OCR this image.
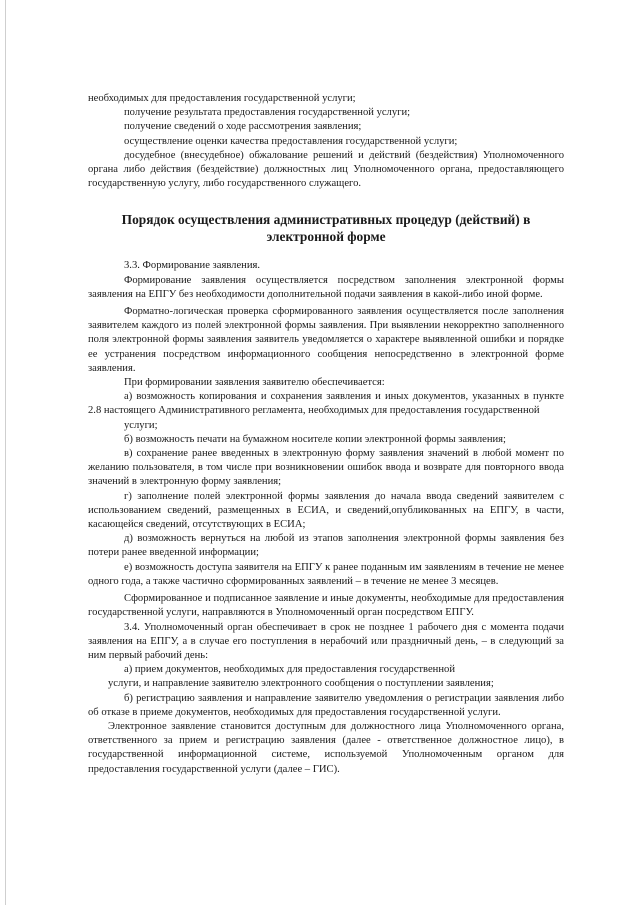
необходимых для предоставления государственной услуги;

получение результата предоставления государственной услуги;

получение сведений о ходе рассмотрения заявления;

осуществление оценки качества предоставления государственной услуги;

досудебное (внесудебное) обжалование решений и действий (бездействия) Уполномоченного органа либо действия (бездействие) должностных лиц Уполномоченного органа, предоставляющего государственную услугу, либо государственного служащего.

Порядок осуществления административных процедур (действий) в электронной форме

3.3. Формирование заявления.

Формирование заявления осуществляется посредством заполнения электронной формы заявления на ЕПГУ без необходимости дополнительной подачи заявления в какой-либо иной форме.

Форматно-логическая проверка сформированного заявления осуществляется после заполнения заявителем каждого из полей электронной формы заявления. При выявлении некорректно заполненного поля электронной формы заявления заявитель уведомляется о характере выявленной ошибки и порядке ее устранения посредством информационного сообщения непосредственно в электронной форме заявления.

При формировании заявления заявителю обеспечивается:

а) возможность копирования и сохранения заявления и иных документов, указанных в пункте 2.8 настоящего Административного регламента, необходимых для предоставления государственной

услуги;

б) возможность печати на бумажном носителе копии электронной формы заявления;

в) сохранение ранее введенных в электронную форму заявления значений в любой момент по желанию пользователя, в том числе при возникновении ошибок ввода и возврате для повторного ввода значений в электронную форму заявления;

г) заполнение полей электронной формы заявления до начала ввода сведений заявителем с использованием сведений, размещенных в ЕСИА, и сведений,опубликованных на ЕПГУ, в части, касающейся сведений, отсутствующих в ЕСИА;

д) возможность вернуться на любой из этапов заполнения электронной формы заявления без потери ранее введенной информации;

е) возможность доступа заявителя на ЕПГУ к ранее поданным им заявлениям в течение не менее одного года, а также частично сформированных заявлений – в течение не менее 3 месяцев.

Сформированное и подписанное заявление и иные документы, необходимые для предоставления государственной услуги, направляются в Уполномоченный орган посредством ЕПГУ.

3.4. Уполномоченный орган обеспечивает в срок не позднее 1 рабочего дня с момента подачи заявления на ЕПГУ, а в случае его поступления в нерабочий или праздничный день, – в следующий за ним первый рабочий день:

а) прием документов, необходимых для предоставления государственной

услуги, и направление заявителю электронного сообщения о поступлении заявления;

б) регистрацию заявления и направление заявителю уведомления о регистрации заявления либо об отказе в приеме документов, необходимых для предоставления государственной услуги.

Электронное заявление становится доступным для должностного лица Уполномоченного органа, ответственного за прием и регистрацию заявления (далее - ответственное должностное лицо), в государственной информационной системе, используемой Уполномоченным органом для предоставления государственной услуги (далее – ГИС).
